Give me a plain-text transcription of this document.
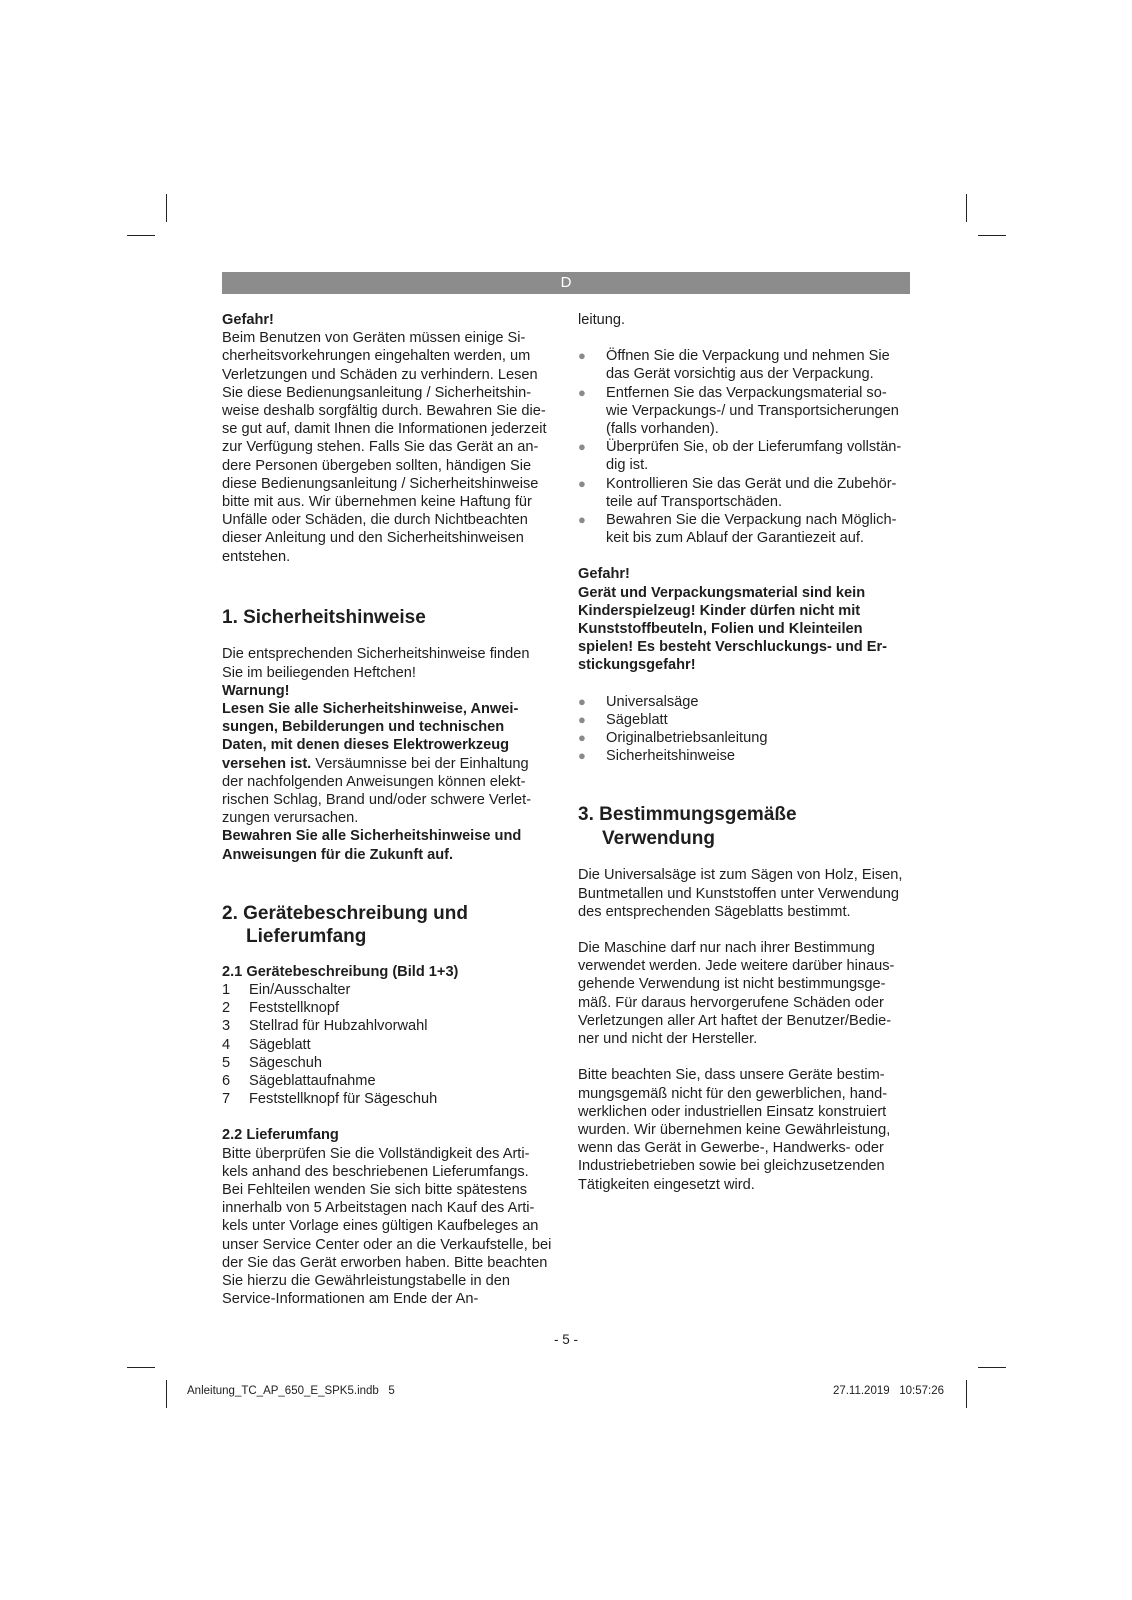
D

Gefahr!

Beim Benutzen von Geräten müssen einige Si-cherheitsvorkehrungen eingehalten werden, um Verletzungen und Schäden zu verhindern. Lesen Sie diese Bedienungsanleitung / Sicherheitshin-weise deshalb sorgfältig durch. Bewahren Sie die-se gut auf, damit Ihnen die Informationen jederzeit zur Verfügung stehen. Falls Sie das Gerät an an-dere Personen übergeben sollten, händigen Sie diese Bedienungsanleitung / Sicherheitshinweise bitte mit aus. Wir übernehmen keine Haftung für Unfälle oder Schäden, die durch Nichtbeachten dieser Anleitung und den Sicherheitshinweisen entstehen.

1. Sicherheitshinweise

Die entsprechenden Sicherheitshinweise finden Sie im beiliegenden Heftchen!

Warnung!

Lesen Sie alle Sicherheitshinweise, Anwei-sungen, Bebilderungen und technischen Daten, mit denen dieses Elektrowerkzeug versehen ist. Versäumnisse bei der Einhaltung der nachfolgenden Anweisungen können elekt-rischen Schlag, Brand und/oder schwere Verlet-zungen verursachen.

Bewahren Sie alle Sicherheitshinweise und Anweisungen für die Zukunft auf.

2. Gerätebeschreibung und Lieferumfang

2.1 Gerätebeschreibung (Bild 1+3)

1	Ein/Ausschalter
2	Feststellknopf
3	Stellrad für Hubzahlvorwahl
4	Sägeblatt
5	Sägeschuh
6	Sägeblattaufnahme
7	Feststellknopf für Sägeschuh

2.2 Lieferumfang

Bitte überprüfen Sie die Vollständigkeit des Arti-kels anhand des beschriebenen Lieferumfangs. Bei Fehlteilen wenden Sie sich bitte spätestens innerhalb von 5 Arbeitstagen nach Kauf des Arti-kels unter Vorlage eines gültigen Kaufbeleges an unser Service Center oder an die Verkaufstelle, bei der Sie das Gerät erworben haben. Bitte beachten Sie hierzu die Gewährleistungstabelle in den Service-Informationen am Ende der An-

leitung.

●	Öffnen Sie die Verpackung und nehmen Sie das Gerät vorsichtig aus der Verpackung.
●	Entfernen Sie das Verpackungsmaterial so-wie Verpackungs-/ und Transportsicherungen (falls vorhanden).
●	Überprüfen Sie, ob der Lieferumfang vollstän-dig ist.
●	Kontrollieren Sie das Gerät und die Zubehör-teile auf Transportschäden.
●	Bewahren Sie die Verpackung nach Möglich-keit bis zum Ablauf der Garantiezeit auf.

Gefahr!

Gerät und Verpackungsmaterial sind kein Kinderspielzeug! Kinder dürfen nicht mit Kunststoffbeuteln, Folien und Kleinteilen spielen! Es besteht Verschluckungs- und Er-stickungsgefahr!

●	Universalsäge
●	Sägeblatt
●	Originalbetriebsanleitung
●	Sicherheitshinweise
3. Bestimmungsgemäße Verwendung

Die Universalsäge ist zum Sägen von Holz, Eisen, Buntmetallen und Kunststoffen unter Verwendung des entsprechenden Sägeblatts bestimmt.

Die Maschine darf nur nach ihrer Bestimmung verwendet werden. Jede weitere darüber hinaus-gehende Verwendung ist nicht bestimmungsge-mäß. Für daraus hervorgerufene Schäden oder Verletzungen aller Art haftet der Benutzer/Bedie-ner und nicht der Hersteller.

Bitte beachten Sie, dass unsere Geräte bestim-mungsgemäß nicht für den gewerblichen, hand-werklichen oder industriellen Einsatz konstruiert wurden. Wir übernehmen keine Gewährleistung, wenn das Gerät in Gewerbe-, Handwerks- oder Industriebetrieben sowie bei gleichzusetzenden Tätigkeiten eingesetzt wird.

- 5 -
Anleitung_TC_AP_650_E_SPK5.indb   5	27.11.2019   10:57:26
